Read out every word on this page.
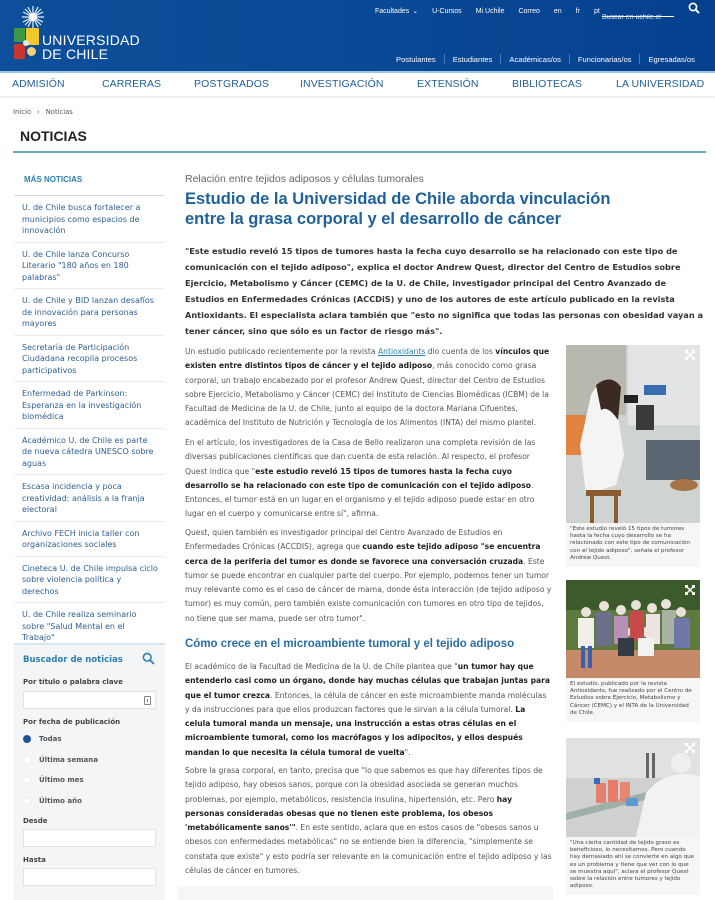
UNIVERSIDAD
DE CHILE
Facultades ⌄ U-Cursos Mi Uchile Correo en fr pt
Buscar en uchile.cl
Postulantes	Estudiantes	Académicas/os	Funcionarias/os	Egresadas/os
ADMISIÓN	CARRERAS	POSTGRADOS	INVESTIGACIÓN	EXTENSIÓN	BIBLIOTECAS	LA UNIVERSIDAD
Inicio › Noticias
NOTICIAS
MÁS NOTICIAS
U. de Chile busca fortalecer a municipios como espacios de innovación
U. de Chile lanza Concurso Literario "180 años en 180 palabras"
U. de Chile y BID lanzan desafíos de innovación para personas mayores
Secretaría de Participación Ciudadana recopila procesos participativos
Enfermedad de Parkinson: Esperanza en la investigación biomédica
Académico U. de Chile es parte de nueva cátedra UNESCO sobre aguas
Escasa incidencia y poca creatividad: análisis a la franja electoral
Archivo FECH inicia taller con organizaciones sociales
Cineteca U. de Chile impulsa ciclo sobre violencia política y derechos
U. de Chile realiza seminario sobre "Salud Mental en el Trabajo"
Buscador de noticias
Por título o palabra clave
Por fecha de publicación
Todas
Última semana
Último mes
Último año
Desde
Hasta
Relación entre tejidos adiposos y células tumorales
Estudio de la Universidad de Chile aborda vinculación entre la grasa corporal y el desarrollo de cáncer

"Este estudio reveló 15 tipos de tumores hasta la fecha cuyo desarrollo se ha relacionado con este tipo de comunicación con el tejido adiposo", explica el doctor Andrew Quest, director del Centro de Estudios sobre Ejercicio, Metabolismo y Cáncer (CEMC) de la U. de Chile, investigador principal del Centro Avanzado de Estudios en Enfermedades Crónicas (ACCDiS) y uno de los autores de este artículo publicado en la revista Antioxidants. El especialista aclara también que "esto no significa que todas las personas con obesidad vayan a tener cáncer, sino que sólo es un factor de riesgo más".

Un estudio publicado recientemente por la revista Antioxidants dio cuenta de los vínculos que existen entre distintos tipos de cáncer y el tejido adiposo, más conocido como grasa corporal, un trabajo encabezado por el profesor Andrew Quest, director del Centro de Estudios sobre Ejercicio, Metabolismo y Cáncer (CEMC) del Instituto de Ciencias Biomédicas (ICBM) de la Facultad de Medicina de la U. de Chile, junto al equipo de la doctora Mariana Cifuentes, académica del Instituto de Nutrición y Tecnología de los Alimentos (INTA) del mismo plantel.

En el artículo, los investigadores de la Casa de Bello realizaron una completa revisión de las diversas publicaciones científicas que dan cuenta de esta relación. Al respecto, el profesor Quest indica que "este estudio reveló 15 tipos de tumores hasta la fecha cuyo desarrollo se ha relacionado con este tipo de comunicación con el tejido adiposo. Entonces, el tumor está en un lugar en el organismo y el tejido adiposo puede estar en otro lugar en el cuerpo y comunicarse entre sí", afirma.

Quest, quien también es investigador principal del Centro Avanzado de Estudios en Enfermedades Crónicas (ACCDIS), agrega que cuando este tejido adiposo "se encuentra cerca de la periferia del tumor es donde se favorece una conversación cruzada. Este tumor se puede encontrar en cualquier parte del cuerpo. Por ejemplo, podemos tener un tumor muy relevante como es el caso de cáncer de mama, donde ésta interacción (de tejido adiposo y tumor) es muy común, pero también existe comunicación con tumores en otro tipo de tejidos, no tiene que ser mama, puede ser otro tumor".

Cómo crece en el microambiente tumoral y el tejido adiposo

El académico de la Facultad de Medicina de la U. de Chile plantea que "un tumor hay que entenderlo casi como un órgano, donde hay muchas células que trabajan juntas para que el tumor crezca. Entonces, la célula de cáncer en este microambiente manda moléculas y da instrucciones para que ellos produzcan factores que le sirvan a la célula tumoral. La celula tumoral manda un mensaje, una instrucción a estas otras células en el microambiente tumoral, como los macrófagos y los adipocitos, y ellos después mandan lo que necesita la célula tumoral de vuelta".

Sobre la grasa corporal, en tanto, precisa que "lo que sabemos es que hay diferentes tipos de tejido adiposo, hay obesos sanos, porque con la obesidad asociada se generan muchos problemas, por ejemplo, metabólicos, resistencia insulina, hipertensión, etc. Pero hay personas consideradas obesas que no tienen este problema, los obesos 'metabólicamente sanos'". En este sentido, aclara que en estos casos de "obesos sanos u obesos con enfermedades metabólicas" no se entiende bien la diferencia, "simplemente se constata que existe" y esto podría ser relevante en la comunicación entre el tejido adiposo y las células de cáncer en tumores.

"Este estudio reveló 15 tipos de tumores hasta la fecha cuyo desarrollo se ha relacionado con este tipo de comunicación con el tejido adiposo", señala el profesor Andrew Quest.
El estudio, publicado por la revista Antioxidants, fue realizado por el Centro de Estudios sobre Ejercicio, Metabolismo y Cáncer (CEMC) y el INTA de la Universidad de Chile.
"Una cierta cantidad de tejido graso es beneficioso, lo necesitamos. Pero cuando hay demasiado ahí se convierte en algo que es un problema y tiene que ver con lo que se muestra aquí", aclara el profesor Quest sobre la relación entre tumores y tejido adiposo.
